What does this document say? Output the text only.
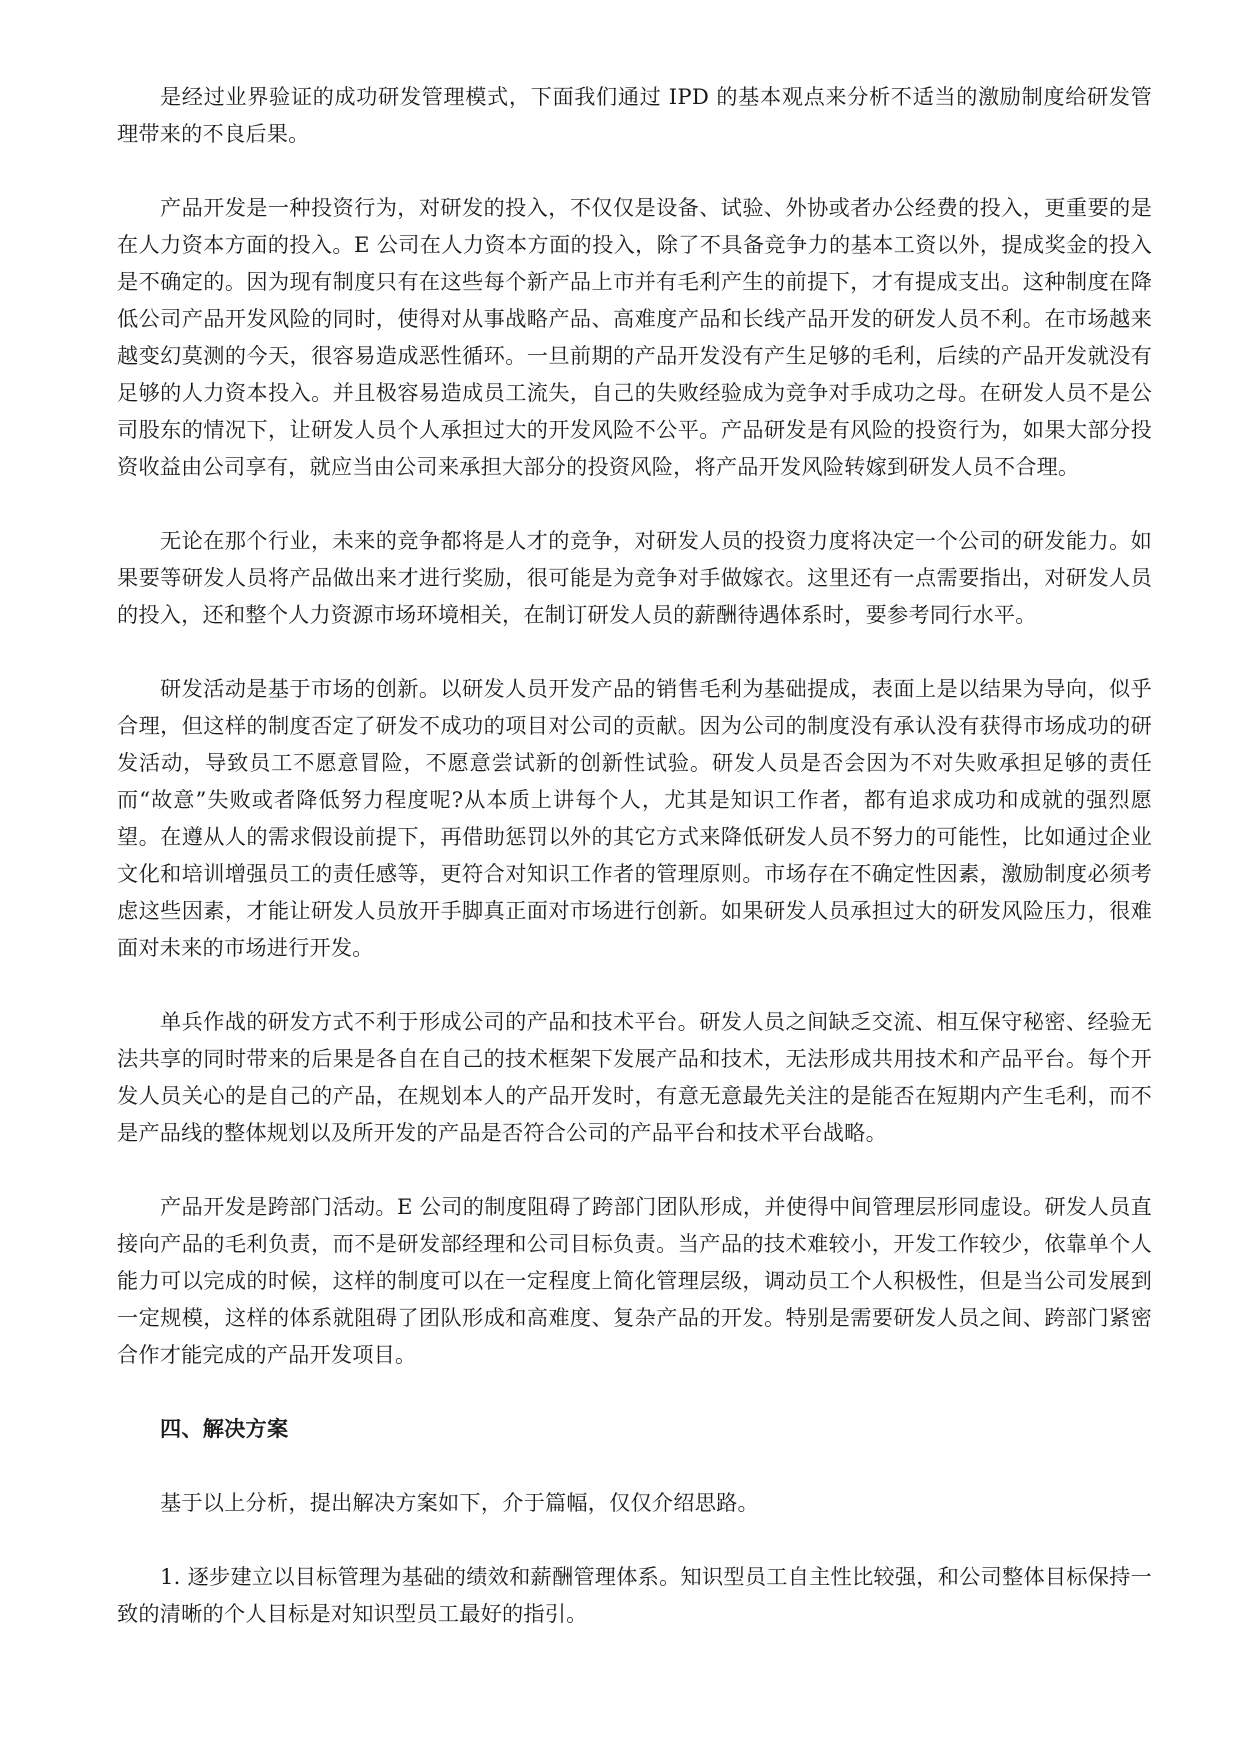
是经过业界验证的成功研发管理模式，下面我们通过 IPD 的基本观点来分析不适当的激励制度给研发管理带来的不良后果。

产品开发是一种投资行为，对研发的投入，不仅仅是设备、试验、外协或者办公经费的投入，更重要的是在人力资本方面的投入。E 公司在人力资本方面的投入，除了不具备竞争力的基本工资以外，提成奖金的投入是不确定的。因为现有制度只有在这些每个新产品上市并有毛利产生的前提下，才有提成支出。这种制度在降低公司产品开发风险的同时，使得对从事战略产品、高难度产品和长线产品开发的研发人员不利。在市场越来越变幻莫测的今天，很容易造成恶性循环。一旦前期的产品开发没有产生足够的毛利，后续的产品开发就没有足够的人力资本投入。并且极容易造成员工流失，自己的失败经验成为竞争对手成功之母。在研发人员不是公司股东的情况下，让研发人员个人承担过大的开发风险不公平。产品研发是有风险的投资行为，如果大部分投资收益由公司享有，就应当由公司来承担大部分的投资风险，将产品开发风险转嫁到研发人员不合理。

无论在那个行业，未来的竞争都将是人才的竞争，对研发人员的投资力度将决定一个公司的研发能力。如果要等研发人员将产品做出来才进行奖励，很可能是为竞争对手做嫁衣。这里还有一点需要指出，对研发人员的投入，还和整个人力资源市场环境相关，在制订研发人员的薪酬待遇体系时，要参考同行水平。

研发活动是基于市场的创新。以研发人员开发产品的销售毛利为基础提成，表面上是以结果为导向，似乎合理，但这样的制度否定了研发不成功的项目对公司的贡献。因为公司的制度没有承认没有获得市场成功的研发活动，导致员工不愿意冒险，不愿意尝试新的创新性试验。研发人员是否会因为不对失败承担足够的责任而“故意”失败或者降低努力程度呢?从本质上讲每个人，尤其是知识工作者，都有追求成功和成就的强烈愿望。在遵从人的需求假设前提下，再借助惩罚以外的其它方式来降低研发人员不努力的可能性，比如通过企业文化和培训增强员工的责任感等，更符合对知识工作者的管理原则。市场存在不确定性因素，激励制度必须考虑这些因素，才能让研发人员放开手脚真正面对市场进行创新。如果研发人员承担过大的研发风险压力，很难面对未来的市场进行开发。

单兵作战的研发方式不利于形成公司的产品和技术平台。研发人员之间缺乏交流、相互保守秘密、经验无法共享的同时带来的后果是各自在自己的技术框架下发展产品和技术，无法形成共用技术和产品平台。每个开发人员关心的是自己的产品，在规划本人的产品开发时，有意无意最先关注的是能否在短期内产生毛利，而不是产品线的整体规划以及所开发的产品是否符合公司的产品平台和技术平台战略。

产品开发是跨部门活动。E 公司的制度阻碍了跨部门团队形成，并使得中间管理层形同虚设。研发人员直接向产品的毛利负责，而不是研发部经理和公司目标负责。当产品的技术难较小，开发工作较少，依靠单个人能力可以完成的时候，这样的制度可以在一定程度上简化管理层级，调动员工个人积极性，但是当公司发展到一定规模，这样的体系就阻碍了团队形成和高难度、复杂产品的开发。特别是需要研发人员之间、跨部门紧密合作才能完成的产品开发项目。

四、解决方案

基于以上分析，提出解决方案如下，介于篇幅，仅仅介绍思路。

1. 逐步建立以目标管理为基础的绩效和薪酬管理体系。知识型员工自主性比较强，和公司整体目标保持一致的清晰的个人目标是对知识型员工最好的指引。
